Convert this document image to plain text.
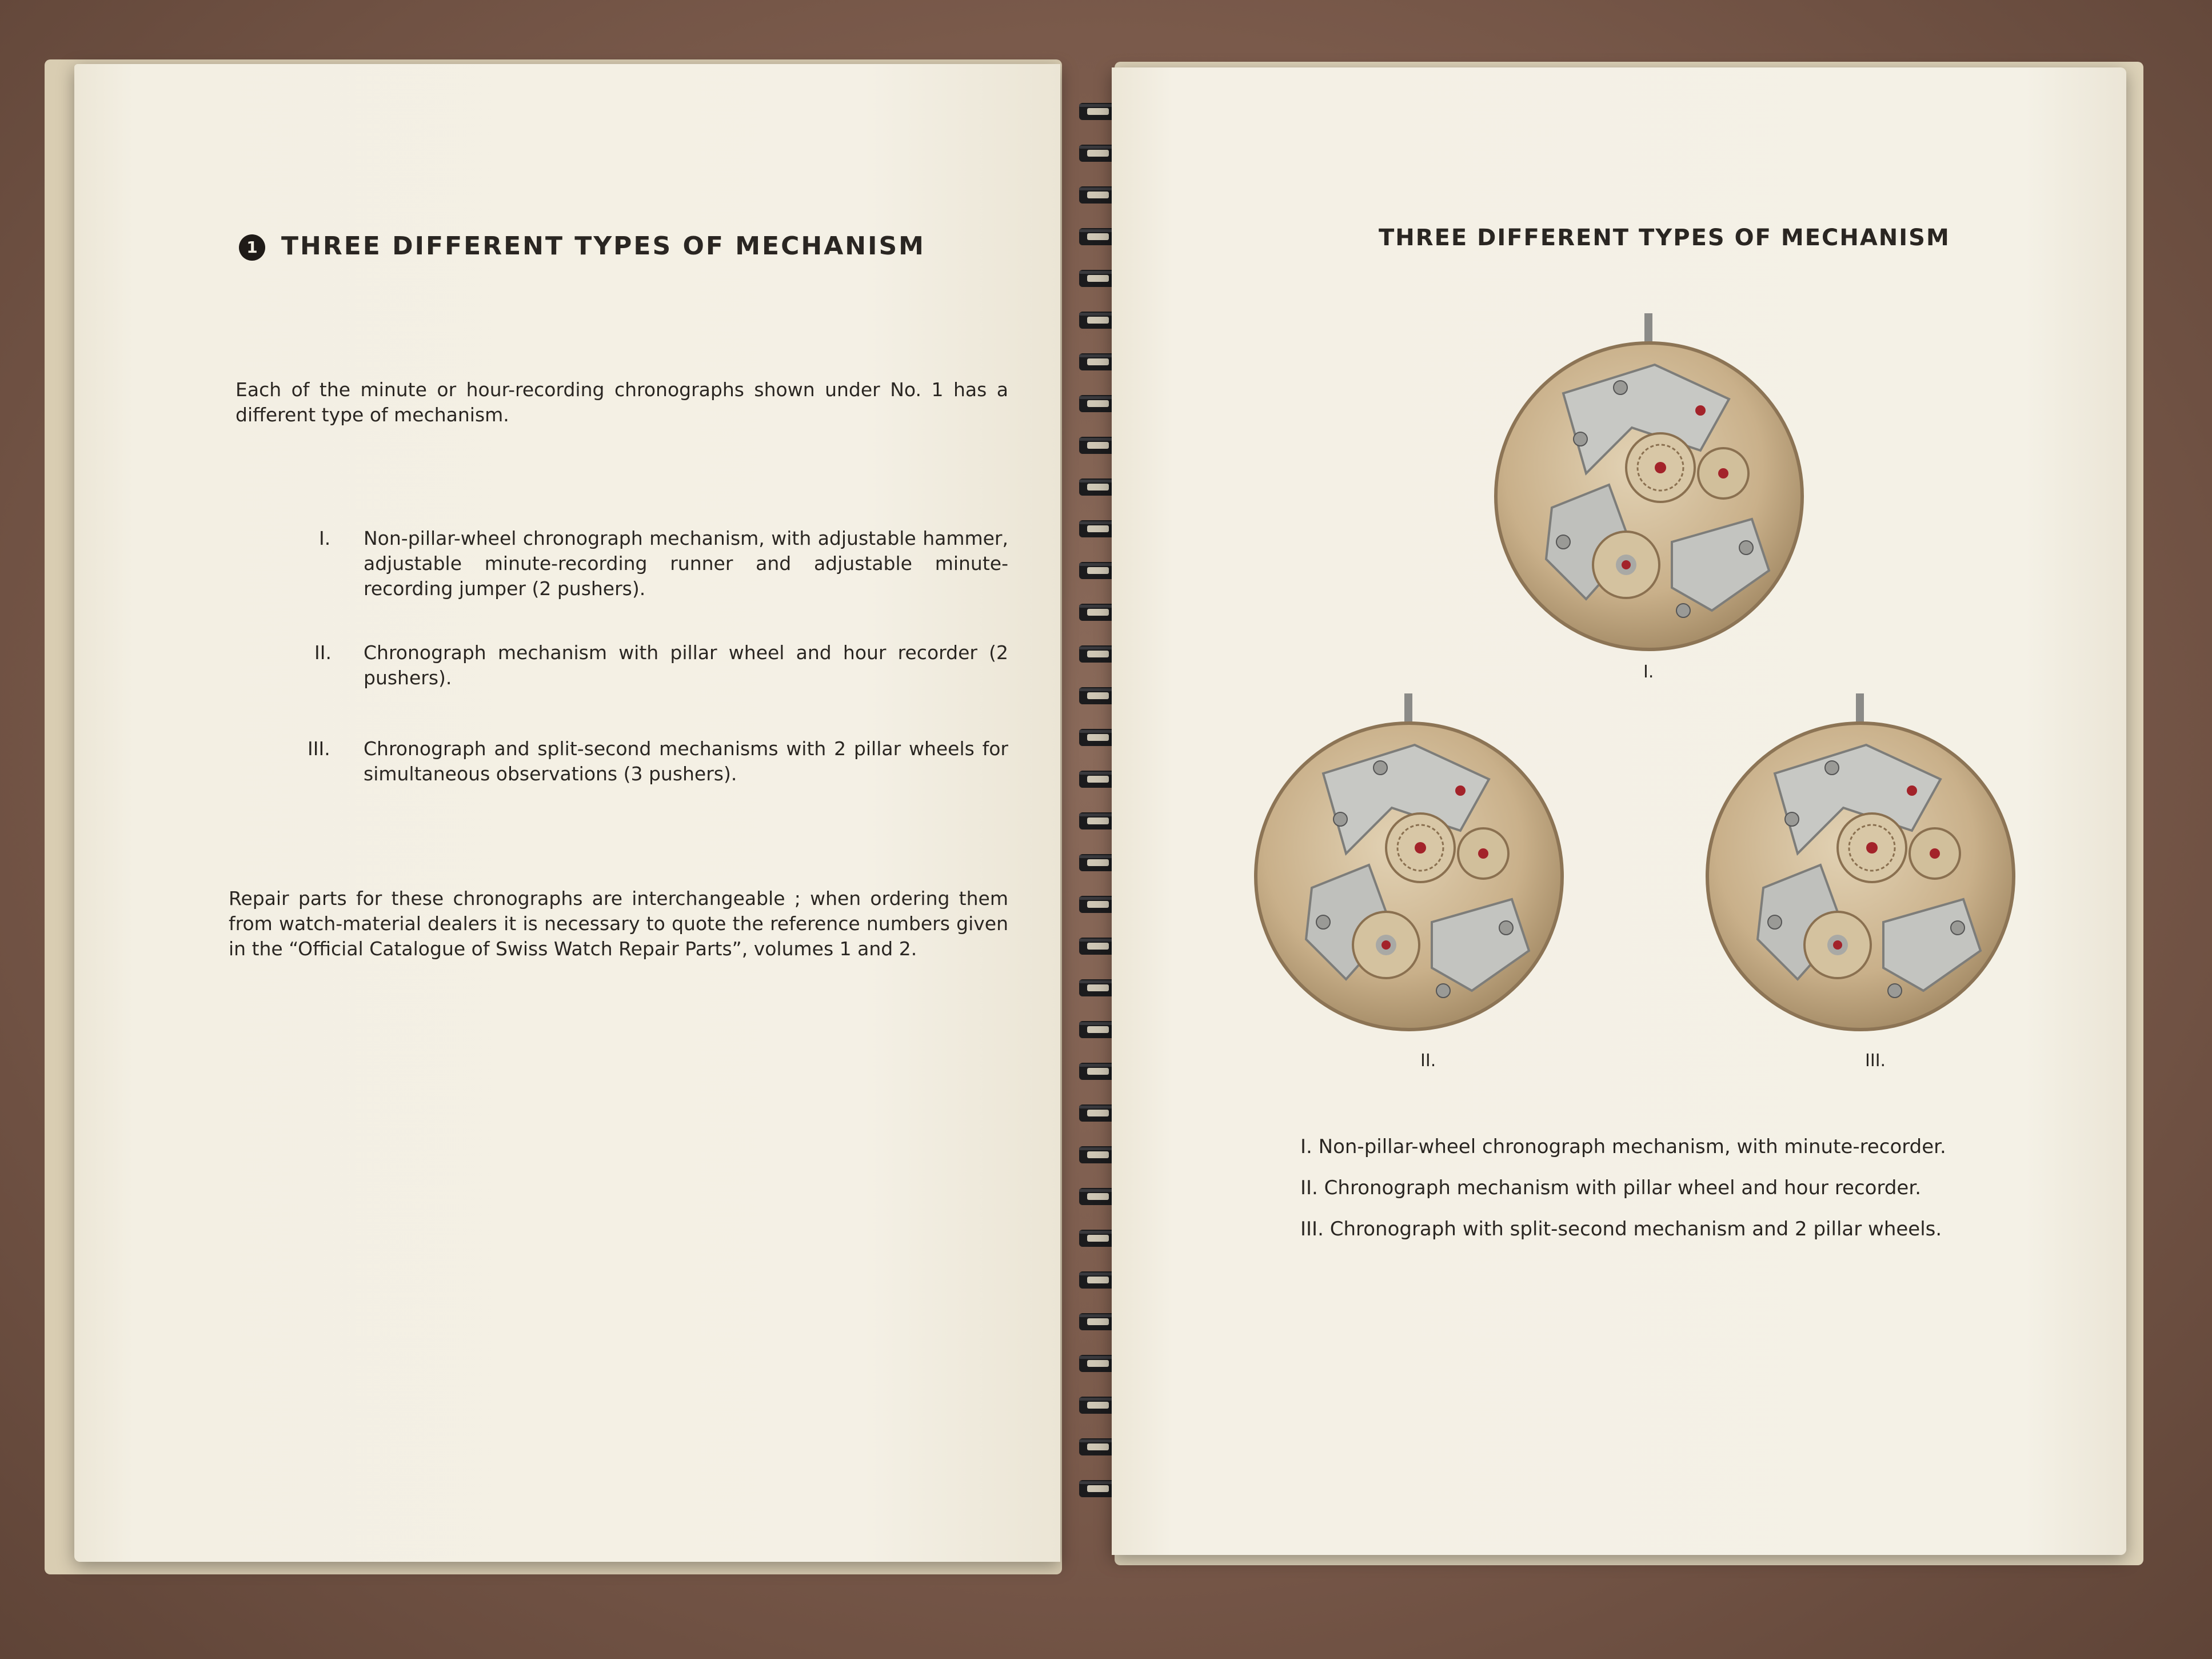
1 THREE DIFFERENT TYPES OF MECHANISM
Each of the minute or hour-recording chronographs shown under No. 1 has a different type of mechanism.
I. Non-pillar-wheel chronograph mechanism, with adjustable hammer, adjustable minute-recording runner and adjustable minute-recording jumper (2 pushers).
II. Chronograph mechanism with pillar wheel and hour recorder (2 pushers).
III. Chronograph and split-second mechanisms with 2 pillar wheels for simultaneous observations (3 pushers).
Repair parts for these chronographs are interchangeable ; when ordering them from watch-material dealers it is necessary to quote the reference numbers given in the “Official Catalogue of Swiss Watch Repair Parts”, volumes 1 and 2.
THREE DIFFERENT TYPES OF MECHANISM
I.
II.	III.
I. Non-pillar-wheel chronograph mechanism, with minute-recorder.
II. Chronograph mechanism with pillar wheel and hour recorder.
III. Chronograph with split-second mechanism and 2 pillar wheels.
